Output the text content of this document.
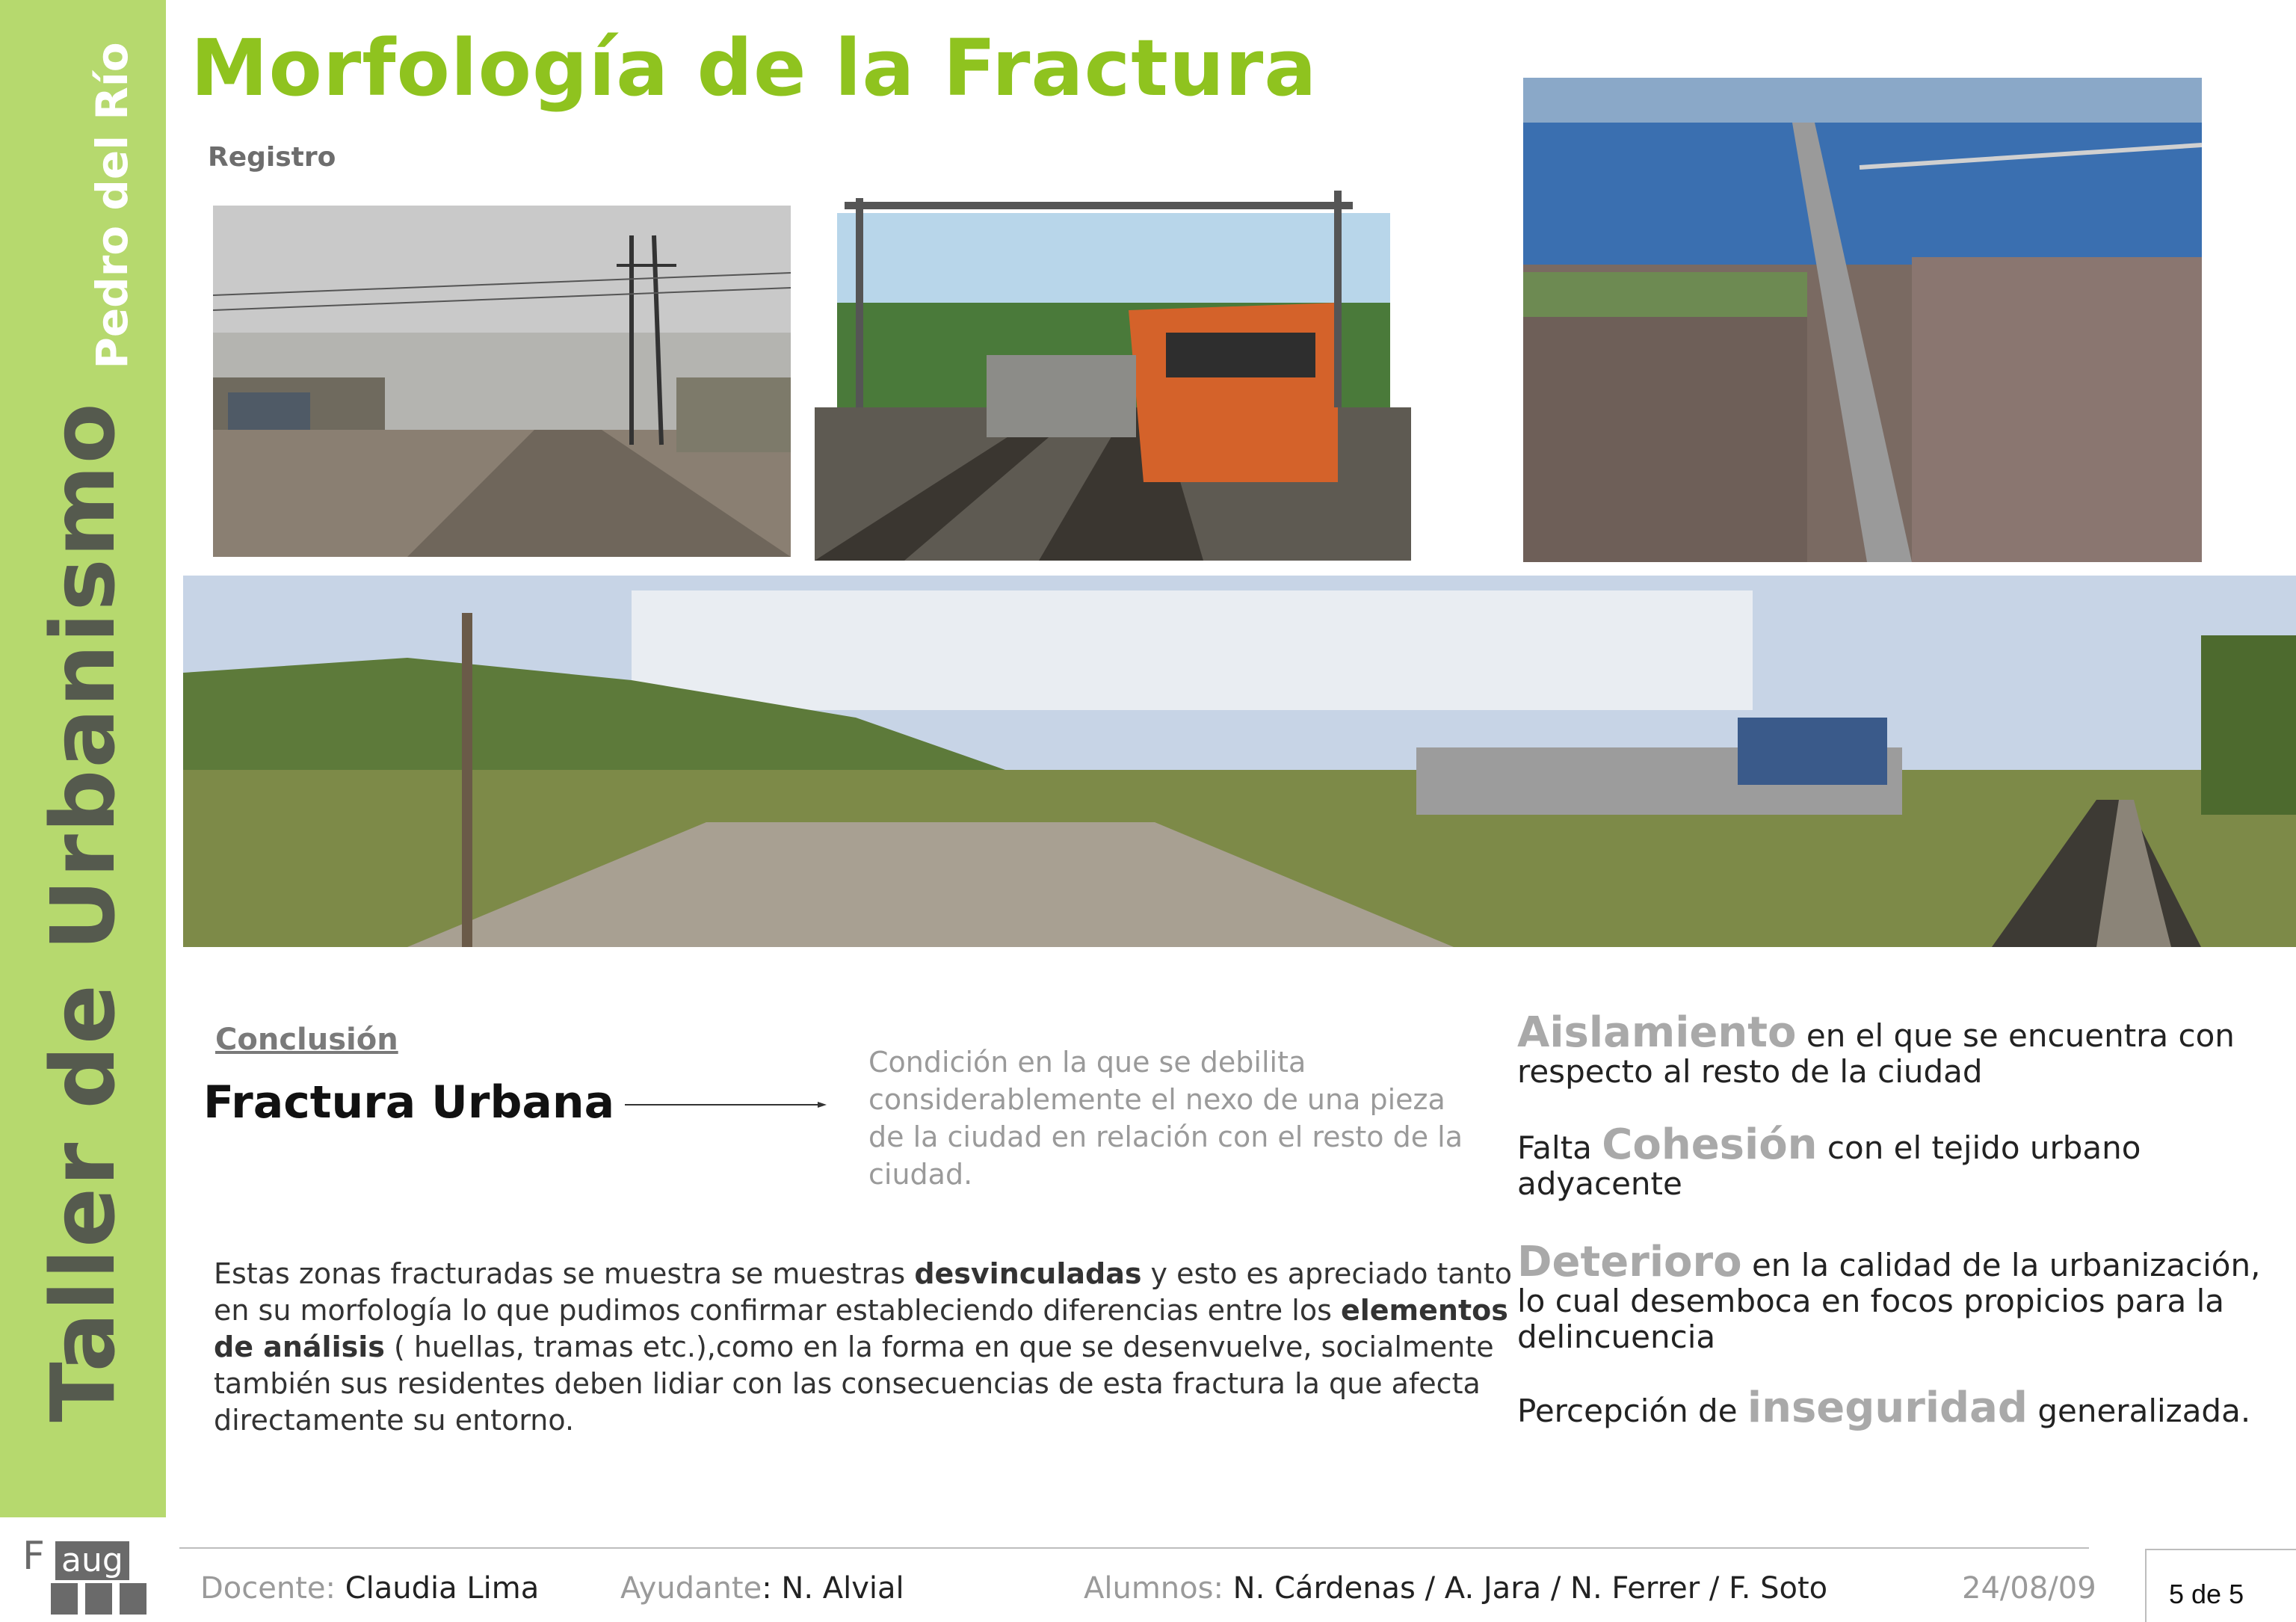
Taller de Urbanismo
Pedro del Río
F aug
Morfología de la Fractura
Registro
Conclusión
Fractura Urbana
Condición en la que se debilita considerablemente el nexo de una pieza de la ciudad en relación con el resto de la ciudad.
Estas zonas fracturadas se muestra se muestras desvinculadas y esto es apreciado tanto en su morfología lo que pudimos confirmar estableciendo diferencias entre los elementos de análisis ( huellas, tramas etc.),como en la forma en que se desenvuelve, socialmente también sus residentes deben lidiar con las consecuencias de esta fractura la que afecta directamente su entorno.
Aislamiento en el que se encuentra con respecto al resto de la ciudad
Falta Cohesión con el tejido urbano adyacente
Deterioro en la calidad de la urbanización, lo cual desemboca en focos propicios para la delincuencia
Percepción de inseguridad generalizada.
Docente: Claudia Lima	Ayudante: N. Alvial	Alumnos: N. Cárdenas / A. Jara / N. Ferrer / F. Soto	24/08/09	5 de 5
